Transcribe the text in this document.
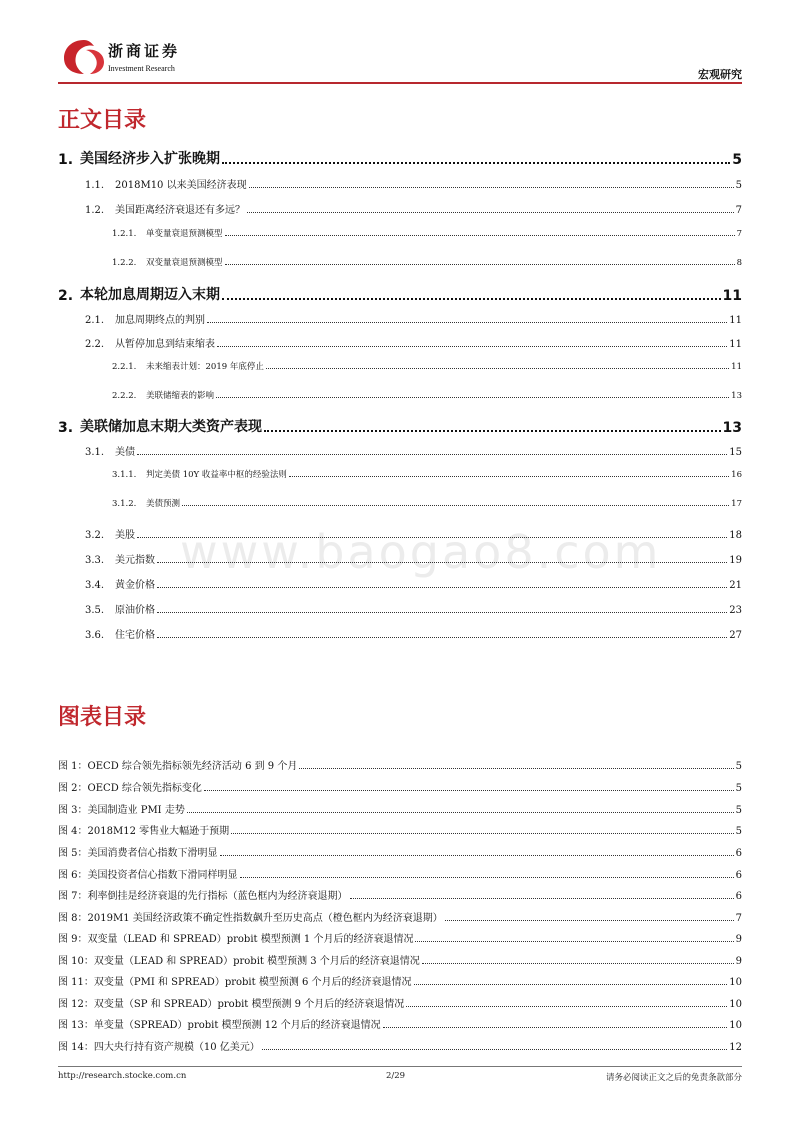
浙商证券
Investment Research	宏观研究
www.baogao8.com
正文目录
1. 美国经济步入扩张晚期	5
1.1.	2018M10 以来美国经济表现	5
1.2.	美国距离经济衰退还有多远？	7
1.2.1.	单变量衰退预测模型	7
1.2.2.	双变量衰退预测模型	8
2. 本轮加息周期迈入末期	11
2.1.	加息周期终点的判别	11
2.2.	从暂停加息到结束缩表	11
2.2.1.	未来缩表计划：2019 年底停止	11
2.2.2.	美联储缩表的影响	13
3. 美联储加息末期大类资产表现	13
3.1.	美债	15
3.1.1.	判定美债 10Y 收益率中枢的经验法则	16
3.1.2.	美债预测	17
3.2.	美股	18
3.3.	美元指数	19
3.4.	黄金价格	21
3.5.	原油价格	23
3.6.	住宅价格	27
图表目录
图 1：OECD 综合领先指标领先经济活动 6 到 9 个月	5
图 2：OECD 综合领先指标变化	5
图 3：美国制造业 PMI 走势	5
图 4：2018M12 零售业大幅逊于预期	5
图 5：美国消费者信心指数下滑明显	6
图 6：美国投资者信心指数下滑同样明显	6
图 7：利率倒挂是经济衰退的先行指标（蓝色框内为经济衰退期）	6
图 8：2019M1 美国经济政策不确定性指数飙升至历史高点（橙色框内为经济衰退期）	7
图 9：双变量（LEAD 和 SPREAD）probit 模型预测 1 个月后的经济衰退情况	9
图 10：双变量（LEAD 和 SPREAD）probit 模型预测 3 个月后的经济衰退情况	9
图 11：双变量（PMI 和 SPREAD）probit 模型预测 6 个月后的经济衰退情况	10
图 12：双变量（SP 和 SPREAD）probit 模型预测 9 个月后的经济衰退情况	10
图 13：单变量（SPREAD）probit 模型预测 12 个月后的经济衰退情况	10
图 14：四大央行持有资产规模（10 亿美元）	12
http://research.stocke.com.cn	2/29	请务必阅读正文之后的免责条款部分
